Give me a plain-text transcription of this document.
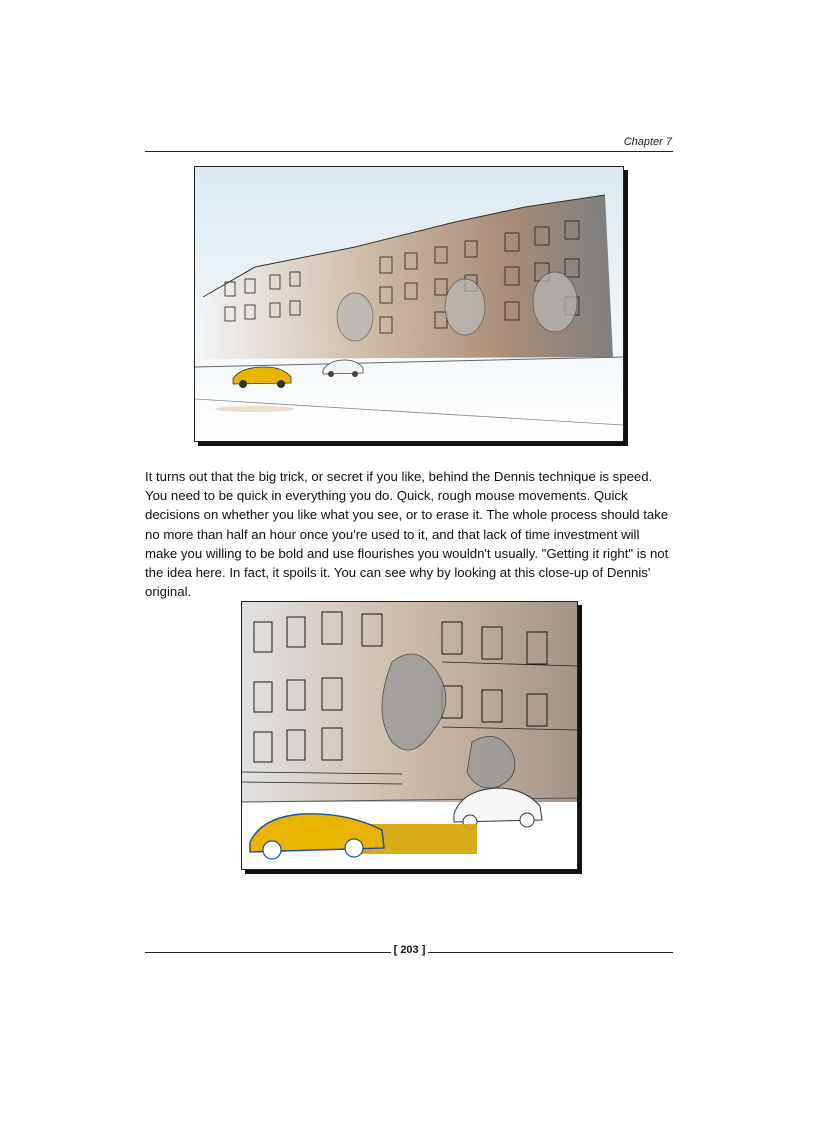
Chapter 7

It turns out that the big trick, or secret if you like, behind the Dennis technique is speed. You need to be quick in everything you do. Quick, rough mouse movements. Quick decisions on whether you like what you see, or to erase it. The whole process should take no more than half an hour once you're used to it, and that lack of time investment will make you willing to be bold and use flourishes you wouldn't usually. "Getting it right" is not the idea here. In fact, it spoils it. You can see why by looking at this close-up of Dennis' original.

[ 203 ]
